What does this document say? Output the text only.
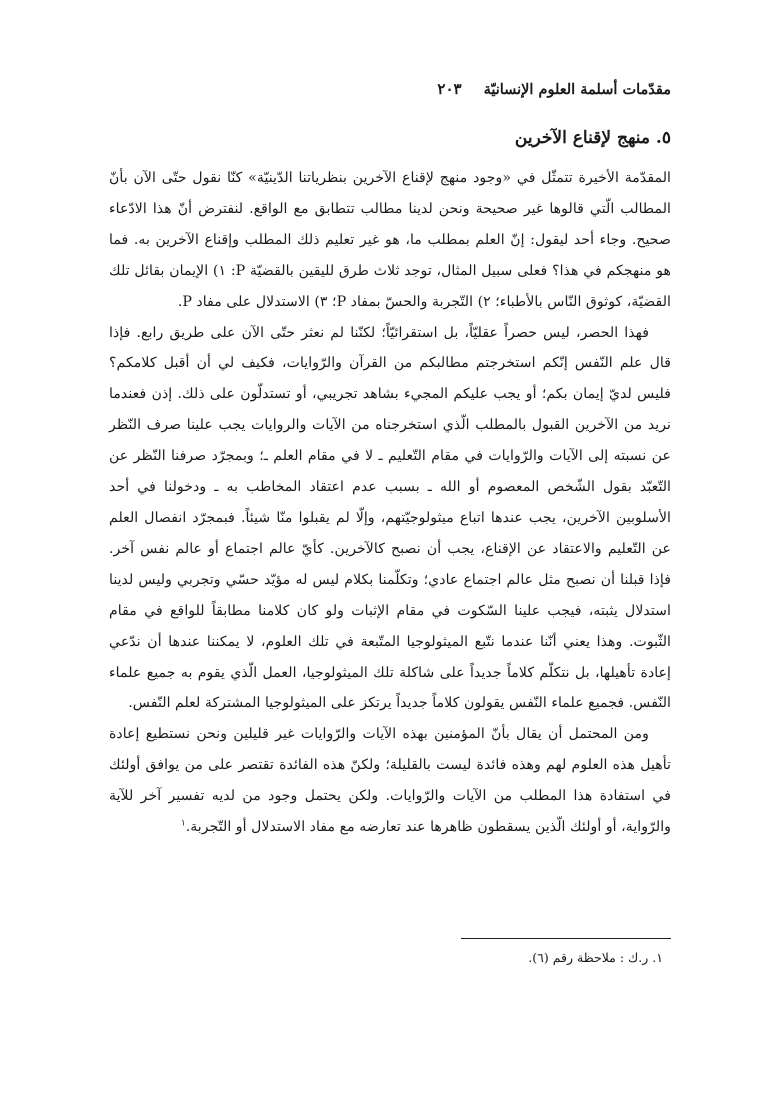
مقدّمات أسلمة العلوم الإنسانيّة
٢٠٣
٥. منهج لإقناع الآخرين

المقدّمة الأخيرة تتمثّل في «وجود منهج لإقناع الآخرين بنظرياتنا الدّينيّة» كنّا نقول حتّى الآن بأنّ المطالب الّتي قالوها غير صحيحة ونحن لدينا مطالب تتطابق مع الواقع. لنفترض أنّ هذا الادّعاء صحيح. وجاء أحد ليقول: إنّ العلم بمطلب ما، هو غير تعليم ذلك المطلب وإقناع الآخرين به. فما هو منهجكم في هذا؟ فعلى سبيل المثال، توجد ثلاث طرق لليقين بالقضيّة P: ١) الإيمان بقائل تلك القضيّة، كوثوق النّاس بالأطباء؛ ٢) التّجربة والحسّ بمفاد P؛ ٣) الاستدلال على مفاد P.

فهذا الحصر، ليس حصراً عقليّاً، بل استقرائيّاً؛ لكنّنا لم نعثر حتّى الآن على طريق رابع. فإذا قال علم النّفس إنّكم استخرجتم مطالبكم من القرآن والرّوايات، فكيف لي أن أقبل كلامكم؟ فليس لديّ إيمان بكم؛ أو يجب عليكم المجيء بشاهد تجريبي، أو تستدلّون على ذلك. إذن فعندما نريد من الآخرين القبول بالمطلب الّذي استخرجناه من الآيات والروايات يجب علينا صرف النّظر عن نسبته إلى الآيات والرّوايات في مقام التّعليم ـ لا في مقام العلم ـ؛ وبمجرّد صرفنا النّظر عن التّعبّد بقول الشّخص المعصوم أو الله ـ بسبب عدم اعتقاد المخاطب به ـ ودخولنا في أحد الأسلوبين الآخرين، يجب عندها اتباع ميثولوجيّتهم، وإلّا لم يقبلوا منّا شيئاً. فبمجرّد انفصال العلم عن التّعليم والاعتقاد عن الإقناع، يجب أن نصبح كالآخرين. كأيّ عالم اجتماع أو عالم نفس آخر. فإذا قبلنا أن نصبح مثل عالم اجتماع عادي؛ وتكلّمنا بكلام ليس له مؤيّد حسّي وتجربي وليس لدينا استدلال يثبته، فيجب علينا السّكوت في مقام الإثبات ولو كان كلامنا مطابقاً للواقع في مقام الثّبوت. وهذا يعني أنّنا عندما نتّبع الميثولوجيا المتّبعة في تلك العلوم، لا يمكننا عندها أن ندّعي إعادة تأهيلها، بل نتكلّم كلاماً جديداً على شاكلة تلك الميثولوجيا، العمل الّذي يقوم به جميع علماء النّفس. فجميع علماء النّفس يقولون كلاماً جديداً يرتكز على الميثولوجيا المشتركة لعلم النّفس.

ومن المحتمل أن يقال بأنّ المؤمنين بهذه الآيات والرّوايات غير قليلين ونحن نستطيع إعادة تأهيل هذه العلوم لهم وهذه فائدة ليست بالقليلة؛ ولكنّ هذه الفائدة تقتصر على من يوافق أولئك في استفادة هذا المطلب من الآيات والرّوايات. ولكن يحتمل وجود من لديه تفسير آخر للآية والرّواية، أو أولئك الّذين يسقطون ظاهرها عند تعارضه مع مفاد الاستدلال أو التّجربة.$^١$

١. ر.ك : ملاحظة رقم (٦).
